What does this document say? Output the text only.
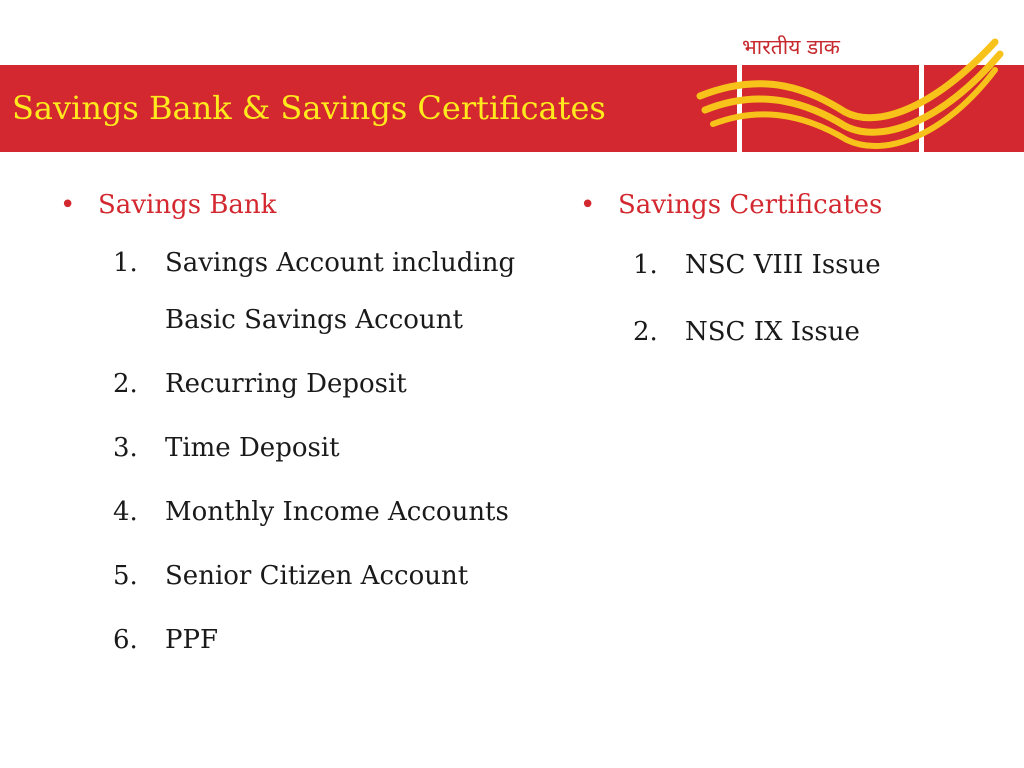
Savings Bank & Savings Certificates
भारतीय डाक

• Savings Bank

1.	Savings Account including Basic Savings Account
2.	Recurring Deposit
3.	Time Deposit
4.	Monthly Income Accounts
5.	Senior Citizen Account
6.	PPF

• Savings Certificates

1.	NSC VIII Issue
2.	NSC IX Issue
